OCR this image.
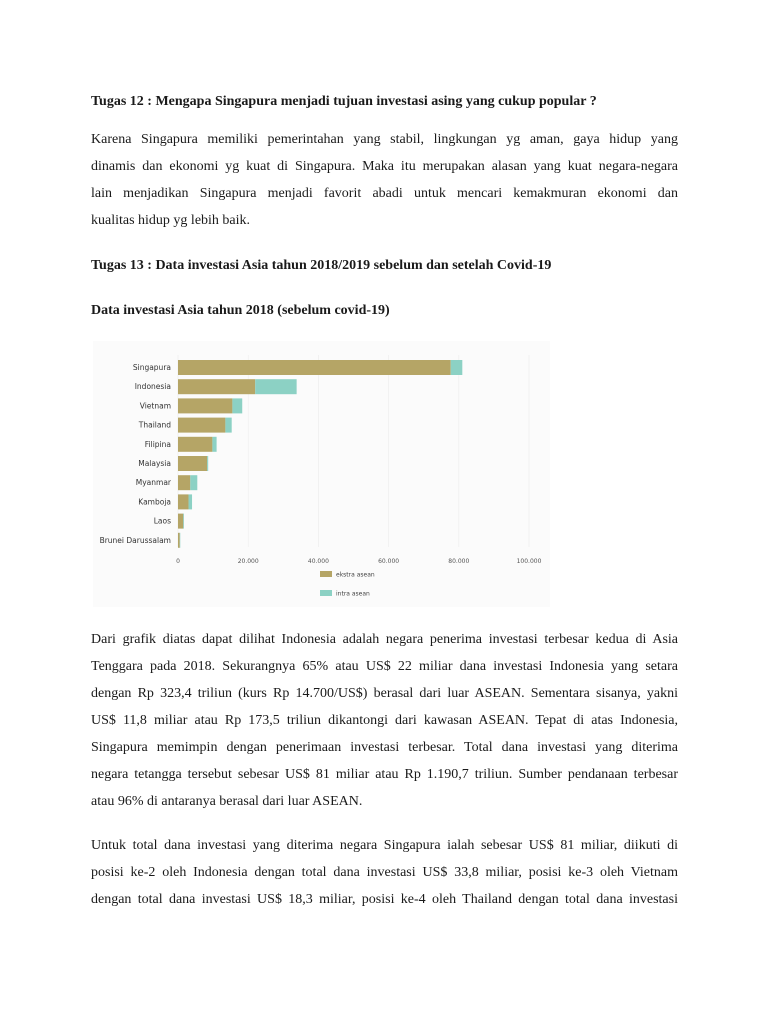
Tugas 12 : Mengapa Singapura menjadi tujuan investasi asing yang cukup popular ?
Karena Singapura memiliki pemerintahan yang stabil, lingkungan yg aman, gaya hidup yang
dinamis dan ekonomi yg kuat di Singapura. Maka itu merupakan alasan yang kuat negara-negara
lain menjadikan Singapura menjadi favorit abadi untuk mencari kemakmuran ekonomi dan
kualitas hidup yg lebih baik.
Tugas 13 : Data investasi Asia tahun 2018/2019 sebelum dan setelah Covid-19
Data investasi Asia tahun 2018 (sebelum covid-19)
0	20.000	40.000	60.000	80.000	100.000
Singapura
Indonesia
Vietnam
Thailand
Filipina
Malaysia
Myanmar
Kamboja
Laos
Brunei Darussalam
ekstra asean
intra asean
Dari grafik diatas dapat dilihat Indonesia adalah negara penerima investasi terbesar kedua di Asia
Tenggara pada 2018. Sekurangnya 65% atau US$ 22 miliar dana investasi Indonesia yang setara
dengan Rp 323,4 triliun (kurs Rp 14.700/US$) berasal dari luar ASEAN. Sementara sisanya, yakni
US$ 11,8 miliar atau Rp 173,5 triliun dikantongi dari kawasan ASEAN. Tepat di atas Indonesia,
Singapura memimpin dengan penerimaan investasi terbesar. Total dana investasi yang diterima
negara tetangga tersebut sebesar US$ 81 miliar atau Rp 1.190,7 triliun. Sumber pendanaan terbesar
atau 96% di antaranya berasal dari luar ASEAN.
Untuk total dana investasi yang diterima negara Singapura ialah sebesar US$ 81 miliar, diikuti di
posisi ke-2 oleh Indonesia dengan total dana investasi US$ 33,8 miliar, posisi ke-3 oleh Vietnam
dengan total dana investasi US$ 18,3 miliar, posisi ke-4 oleh Thailand dengan total dana investasi
